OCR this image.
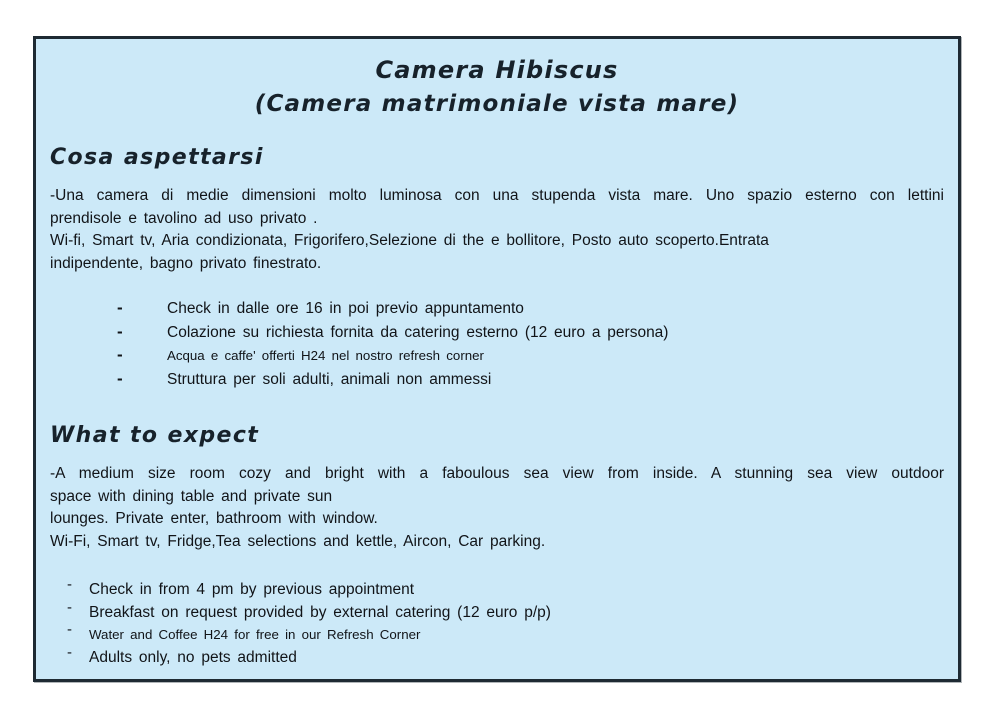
Camera Hibiscus
(Camera matrimoniale vista mare)
Cosa aspettarsi
-Una camera di medie dimensioni molto luminosa con una stupenda vista mare. Uno spazio esterno con lettini
prendisole e tavolino ad uso privato .
Wi-fi, Smart tv, Aria condizionata, Frigorifero,Selezione di the e bollitore, Posto auto scoperto.Entrata
indipendente, bagno privato finestrato.
-	Check in dalle ore 16 in poi previo appuntamento
-	Colazione su richiesta fornita da catering esterno (12 euro a persona)
-	Acqua e caffe' offerti H24 nel nostro refresh corner
-	Struttura per soli adulti, animali non ammessi
What to expect
-A medium size room cozy and bright with a faboulous sea view from inside. A stunning sea view outdoor
space with dining table and private sun
lounges. Private enter, bathroom with window.
Wi-Fi, Smart tv, Fridge,Tea selections and kettle, Aircon, Car parking.
-	Check in from 4 pm by previous appointment
-	Breakfast on request provided by external catering (12 euro p/p)
-	Water and Coffee H24 for free in our Refresh Corner
-	Adults only, no pets admitted
